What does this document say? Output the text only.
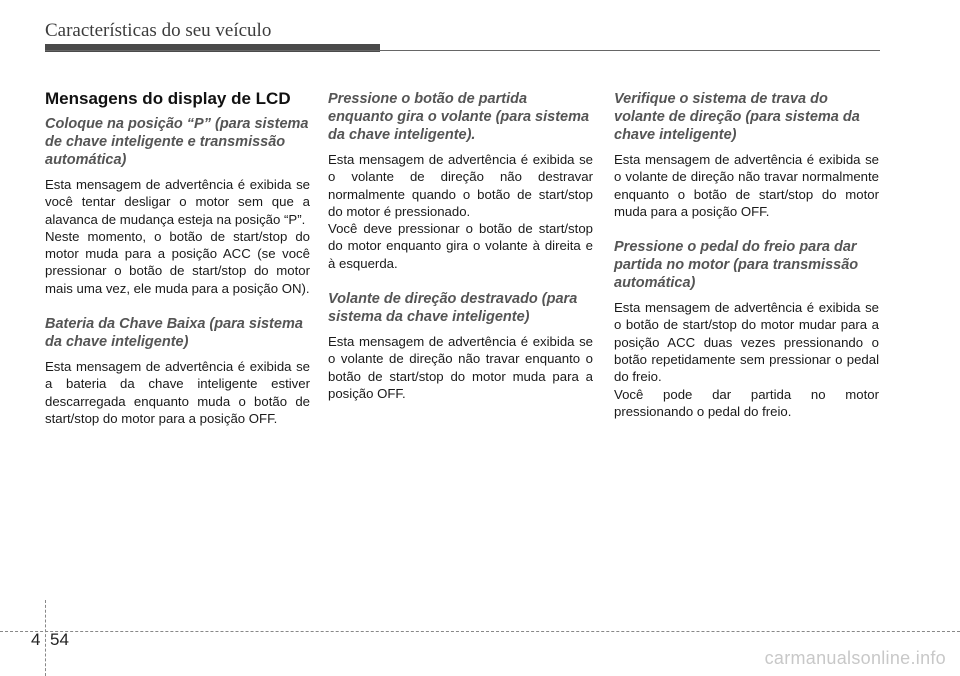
Características do seu veículo
Mensagens do display de LCD
Coloque na posição “P” (para sistema de chave inteligente e transmissão automática)

Esta mensagem de advertência é exibida se você tentar desligar o motor sem que a alavanca de mudança esteja na posição “P”.

Neste momento, o botão de start/stop do motor muda para a posição ACC (se você pressionar o botão de start/stop do motor mais uma vez, ele muda para a posição ON).

Bateria da Chave Baixa (para sistema da chave inteligente)

Esta mensagem de advertência é exibida se a bateria da chave inteligente estiver descarregada enquanto muda o botão de start/stop do motor para a posição OFF.

Pressione o botão de partida enquanto gira o volante (para sistema da chave inteligente).

Esta mensagem de advertência é exibida se o volante de direção não destravar normalmente quando o botão de start/stop do motor é pressionado.

Você deve pressionar o botão de start/stop do motor enquanto gira o volante à direita e à esquerda.

Volante de direção destravado (para sistema da chave inteligente)

Esta mensagem de advertência é exibida se o volante de direção não travar enquanto o botão de start/stop do motor muda para a posição OFF.

Verifique o sistema de trava do volante de direção (para sistema da chave inteligente)

Esta mensagem de advertência é exibida se o volante de direção não travar normalmente enquanto o botão de start/stop do motor muda para a posição OFF.

Pressione o pedal do freio para dar partida no motor (para transmissão automática)

Esta mensagem de advertência é exibida se o botão de start/stop do motor mudar para a posição ACC duas vezes pressionando o botão repetidamente sem pressionar o pedal do freio.

Você pode dar partida no motor pressionando o pedal do freio.

4 54
carmanualsonline.info
